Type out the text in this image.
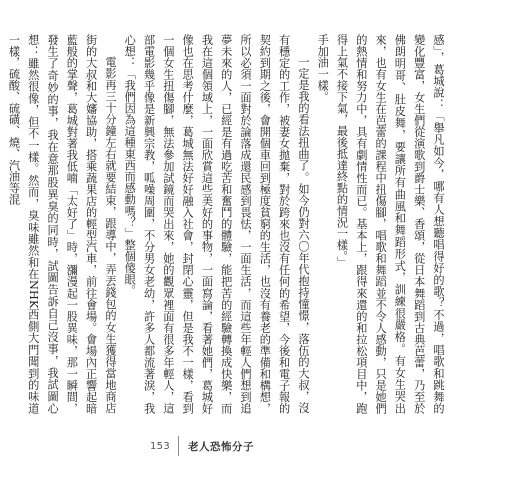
感」，葛城說：「舉凡如今，哪有人想聽唱得好的歌？不過，唱歌和跳舞的變化豐富，女生們從演歌到爵士樂、香頌，從日本舞蹈到古典芭蕾，乃至於佛朗明哥、肚皮舞，要讓所有曲風和舞蹈形式，訓練很嚴格。有女生哭出來，也有女生在芭蕾的課程中扭傷腳，唱歌和舞蹈並不令人感動，只是她們的熱情和努力中，具有劇情性而已。基本上，跟得來還的和拉松項目中，跑得上氣不接下氣，最後抵達終點的情況一樣。」

手加油一樣。

一定是我的看法扭曲了。如今仍對六〇年代抱持憧憬，落伍的大叔，沒有穩定的工作，被妻女拋棄，對於跨來也沒有任何的希望，今後和電子報的契約到期之後，會開個車回到極度貧窮的生活，也沒有養老的準備和構想，所以必須一面對於論落成還民感到畏怯，一面生活，而這些年輕人們想到追夢未來的人，已經是有過吃苦和奮鬥的體驗，能把苦的經驗轉換成快樂，而我在這個領域上，一面欣賞這些美好的事物，一面寫論，看著她們，葛城好像也在思考什麼，葛城無法好好融入社會，封閉心靈，但是我不一樣，看到一個女生扭傷腳，無法參加試鏡而哭出來，她的觀眾裡面有很多年輕人，這部電影幾乎像是新興宗教，呱噪周圍，不分男女老幼，許多人都流著淚，我心想：「我們因為這種東西而感動嗎？」整個傻眼。

電影再三十分鐘左右就要結束，跟導中，弄丟錢包的女生獲得當地商店街的大叔和大嬸協助，搭乘蔬果店的輕型汽車，前往會場。會場內正響起暗藍般的掌聲，葛城對著我低喃「太好了」時，瀰漫起一股異味，那一瞬間，發生了奇妙的事，我在意那股異臭的同時，試圖告訴自己沒事，我試圖心想：雖然很像，但不一樣。然而，臭味雖然和在NHK西側大門聞到的味道一樣，硫酸、硫磺、燒、汽油等混

153 老人恐怖分子
